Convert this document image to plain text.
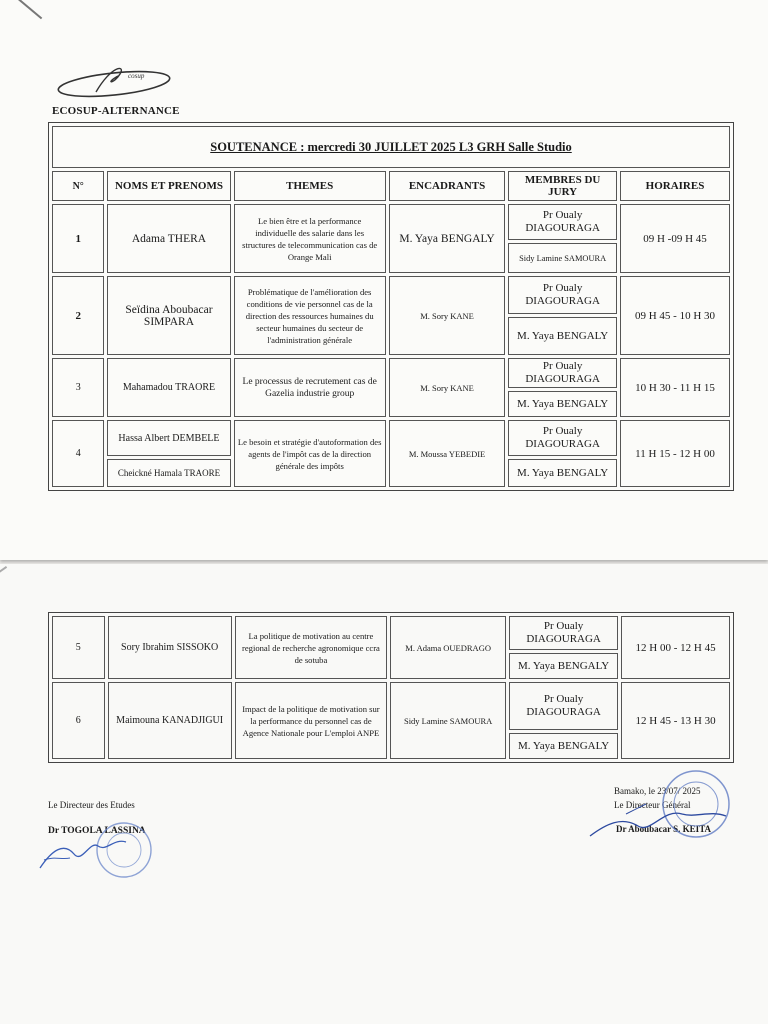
cosup
ECOSUP-ALTERNANCE
SOUTENANCE : mercredi 30 JUILLET 2025 L3 GRH Salle Studio					
N°	NOMS ET PRENOMS	THEMES	ENCADRANTS	MEMBRES DU JURY	HORAIRES
1	Adama THERA	Le bien être et la performance individuelle des salarie dans les structures de telecommunication cas de Orange Mali	M. Yaya BENGALY	Pr Oualy DIAGOURAGA	09 H -09 H 45
				Sidy Lamine SAMOURA	
2	Seïdina Aboubacar SIMPARA	Problématique de l'amélioration des conditions de vie personnel cas de la direction des ressources humaines du secteur humaines du secteur de l'administration générale	M. Sory KANE	Pr Oualy DIAGOURAGA	09 H 45 - 10 H 30
				M. Yaya BENGALY	
3	Mahamadou TRAORE	Le processus de recrutement cas de Gazelia industrie group	M. Sory KANE	Pr Oualy DIAGOURAGA	10 H 30 - 11 H 15
				M. Yaya BENGALY	
4	Hassa Albert DEMBELE	Le besoin et stratégie d'autoformation des agents de l'impôt cas de la direction générale des impôts	M. Moussa YEBEDIE	Pr Oualy DIAGOURAGA	11 H 15 - 12 H 00
	Cheickné Hamala TRAORE			M. Yaya BENGALY	
5	Sory Ibrahim SISSOKO	La politique de motivation au centre regional de recherche agronomique ccra de sotuba	M. Adama OUEDRAGO	Pr Oualy DIAGOURAGA	12 H 00 - 12 H 45
				M. Yaya BENGALY	
6	Maimouna KANADJIGUI	Impact de la politique de motivation sur la performance du personnel cas de Agence Nationale pour L'emploi ANPE	Sidy Lamine SAMOURA	Pr Oualy DIAGOURAGA	12 H 45 - 13 H 30
				M. Yaya BENGALY	
Le Directeur des Etudes
Dr TOGOLA LASSINA
Bamako, le 23/07/ 2025
Le Directeur Général
Dr Aboubacar S. KEITA
